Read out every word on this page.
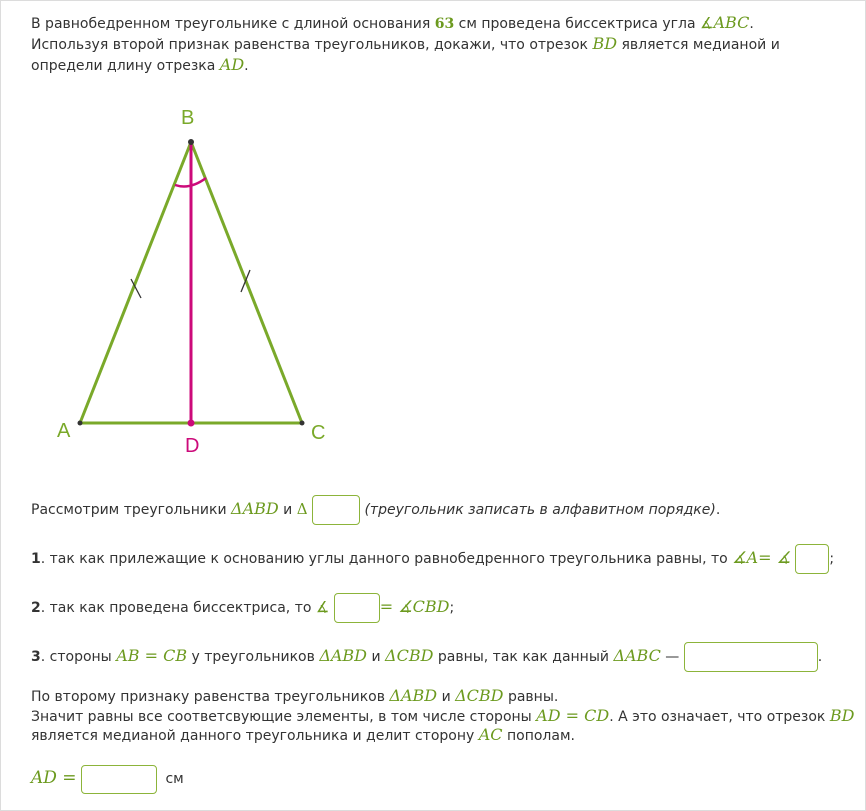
В равнобедренном треугольнике с длиной основания 63 см проведена биссектриса угла ∡ABC. Используя второй признак равенства треугольников, докажи, что отрезок BD является медианой и определи длину отрезка AD.
B
A	C
D
Рассмотрим треугольники ΔABD и Δ	(треугольник записать в алфавитном порядке).
1. так как прилежащие к основанию углы данного равнобедренного треугольника равны, то ∡A= ∡	;
2. так как проведена биссектриса, то ∡	= ∡CBD;
3. стороны AB = CB у треугольников ΔABD и ΔCBD равны, так как данный ΔABC —	.
По второму признаку равенства треугольников ΔABD и ΔCBD равны.
Значит равны все соответсвующие элементы, в том числе стороны AD = CD. А это означает, что отрезок BD
является медианой данного треугольника и делит сторону AC пополам.
AD =	см
